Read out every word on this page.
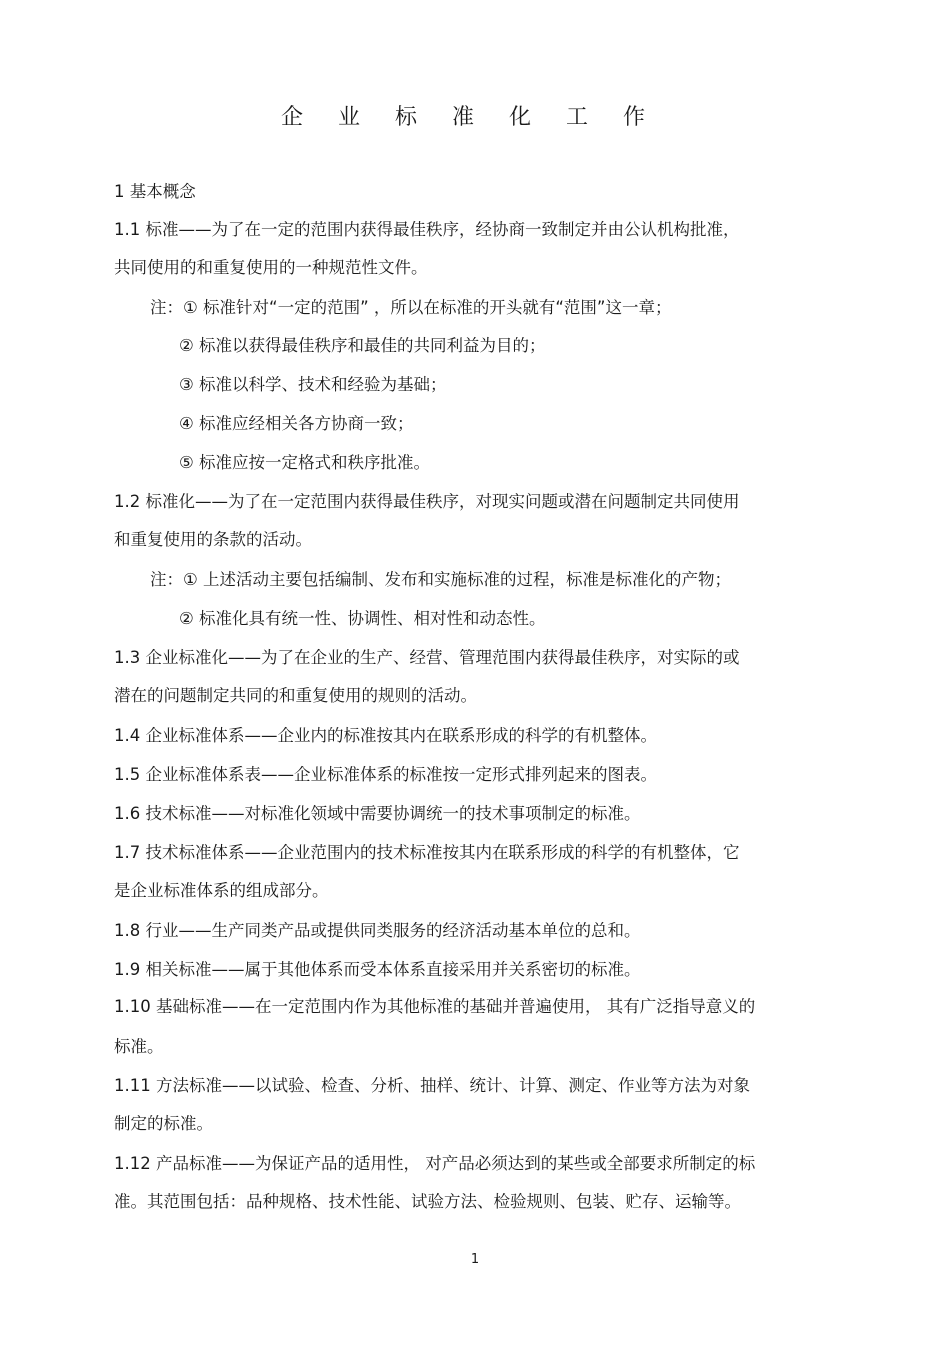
企 业 标 准 化 工 作
1 基本概念
1.1 标准——为了在一定的范围内获得最佳秩序，经协商一致制定并由公认机构批准，
共同使用的和重复使用的一种规范性文件。
注：① 标准针对“一定的范围” ，所以在标准的开头就有“范围”这一章；
② 标准以获得最佳秩序和最佳的共同利益为目的；
③ 标准以科学、技术和经验为基础；
④ 标准应经相关各方协商一致；
⑤ 标准应按一定格式和秩序批准。
1.2 标准化——为了在一定范围内获得最佳秩序，对现实问题或潜在问题制定共同使用
和重复使用的条款的活动。
注：① 上述活动主要包括编制、发布和实施标准的过程，标准是标准化的产物；
② 标准化具有统一性、协调性、相对性和动态性。
1.3 企业标准化——为了在企业的生产、经营、管理范围内获得最佳秩序，对实际的或
潜在的问题制定共同的和重复使用的规则的活动。
1.4 企业标准体系——企业内的标准按其内在联系形成的科学的有机整体。
1.5 企业标准体系表——企业标准体系的标准按一定形式排列起来的图表。
1.6 技术标准——对标准化领域中需要协调统一的技术事项制定的标准。
1.7 技术标准体系——企业范围内的技术标准按其内在联系形成的科学的有机整体，它
是企业标准体系的组成部分。
1.8 行业——生产同类产品或提供同类服务的经济活动基本单位的总和。
1.9 相关标准——属于其他体系而受本体系直接采用并关系密切的标准。
1.10 基础标准——在一定范围内作为其他标准的基础并普遍使用， 其有广泛指导意义的
标准。
1.11 方法标准——以试验、检查、分析、抽样、统计、计算、测定、作业等方法为对象
制定的标准。
1.12 产品标准——为保证产品的适用性， 对产品必须达到的某些或全部要求所制定的标
准。其范围包括：品种规格、技术性能、试验方法、检验规则、包装、贮存、运输等。
1
